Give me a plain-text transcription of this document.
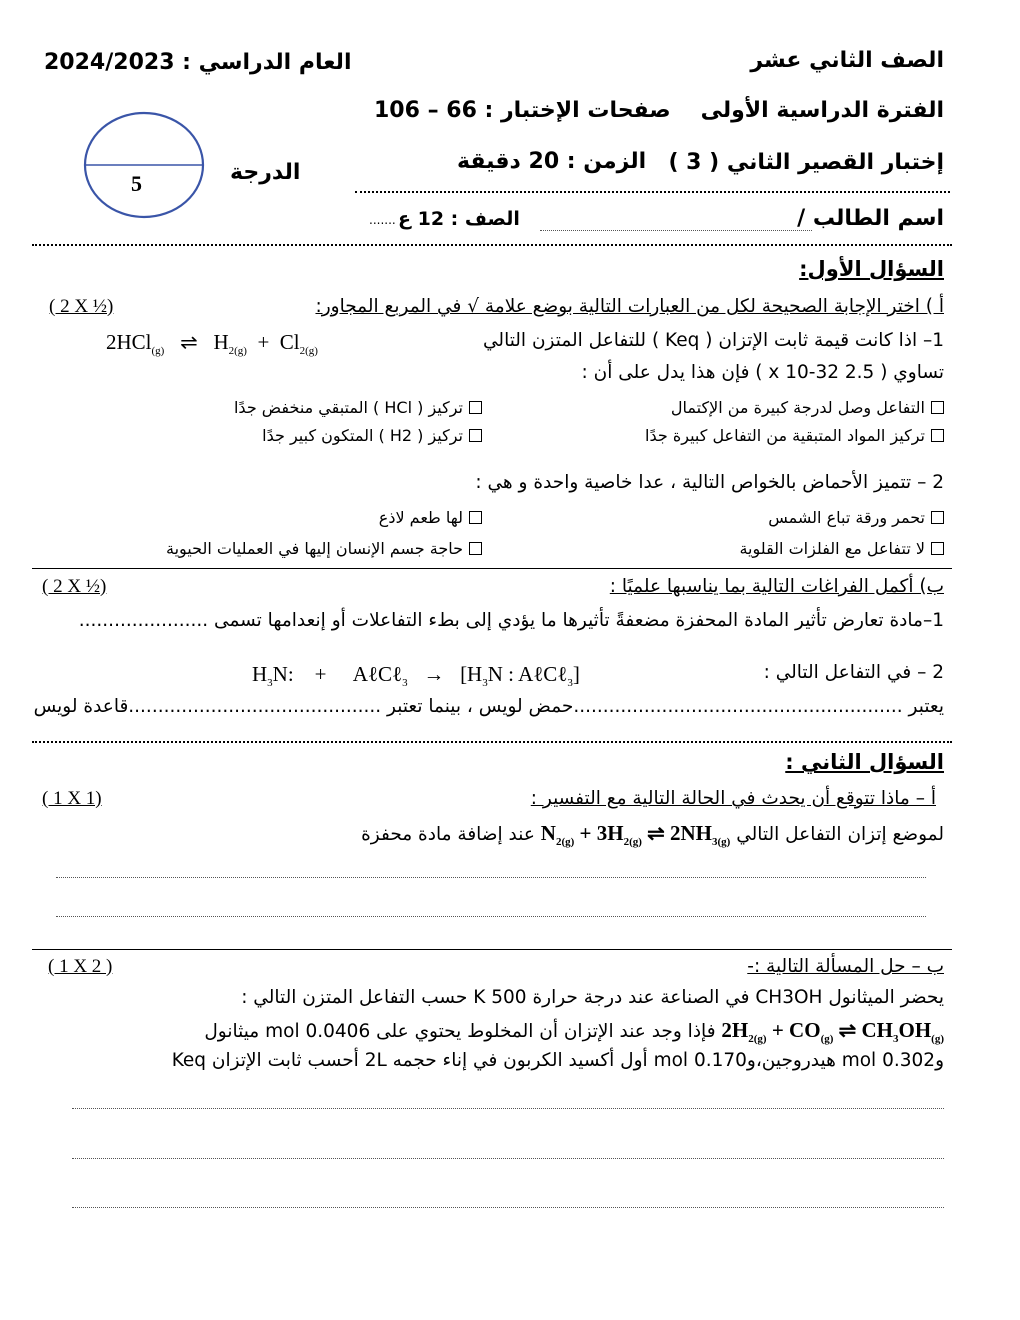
الصف الثاني عشر
العام الدراسي : 2024/2023
الفترة الدراسية الأولى
صفحات الإختبار : 66 – 106
إختبار القصير الثاني ( 3 )
الزمن : 20 دقيقة
5	الدرجة
اسم الطالب /
الصف : 12 ع
.......
السؤال الأول:
أ ) اختر الإجابة الصحيحة لكل من العبارات التالية بوضع علامة √ في المربع المجاور:
( 2 X ½)
1– اذا كانت قيمة ثابت الإتزان ( Keq ) للتفاعل المتزن التالي
2HCl$_{(g)}$   ⇌   $H_{2(g)} + Cl_{2(g)}$
تساوي ( 2.5 x 10-32 ) فإن هذا يدل على أن :
التفاعل وصل لدرجة كبيرة من الإكتمال
تركيز ( HCl ) المتبقي منخفض جدًا
تركيز المواد المتبقية من التفاعل كبيرة جدًا
تركيز ( H2 ) المتكون كبير جدًا
2 – تتميز الأحماض بالخواص التالية ، عدا خاصية واحدة و هي :
تحمر ورقة تباع الشمس
لها طعم لاذع
لا تتفاعل مع الفلزات القلوية
حاجة جسم الإنسان إليها في العمليات الحيوية
ب) أكمل الفراغات التالية بما يناسبها علميًا :
( 2 X ½)
1–مادة تعارض تأثير المادة المحفزة مضعفةً تأثيرها ما يؤدي إلى بطء التفاعلات أو إنعدامها تسمى ......................
2 – في التفاعل التالي :
$H_3N$:    +     AℓCℓ$_3$   →   [$H_3N$ : AℓCℓ$_3$]
يعتبر ........................................................حمض لويس ، بينما تعتبر ...........................................قاعدة لويس
السؤال الثاني :
أ – ماذا تتوقع أن يحدث في الحالة التالية مع التفسير :
( 1 X 1)
لموضع إتزان التفاعل التالي $N_{2(g)} + 3H_{2(g)}$ ⇌ $2NH_{3(g)}$ عند إضافة مادة محفزة
ب – حل المسألة التالية :-
( 1 X 2 )
يحضر الميثانول CH3OH في الصناعة عند درجة حرارة 500 K حسب التفاعل المتزن التالي :
$2H_{2(g)} + CO_{(g)}$ ⇌ $CH_3OH_{(g)}$ فإذا وجد عند الإتزان أن المخلوط يحتوي على 0.0406 mol ميثانول
و0.302 mol هيدروجين،و0.170 mol أول أكسيد الكربون في إناء حجمه 2L أحسب ثابت الإتزان Keq
